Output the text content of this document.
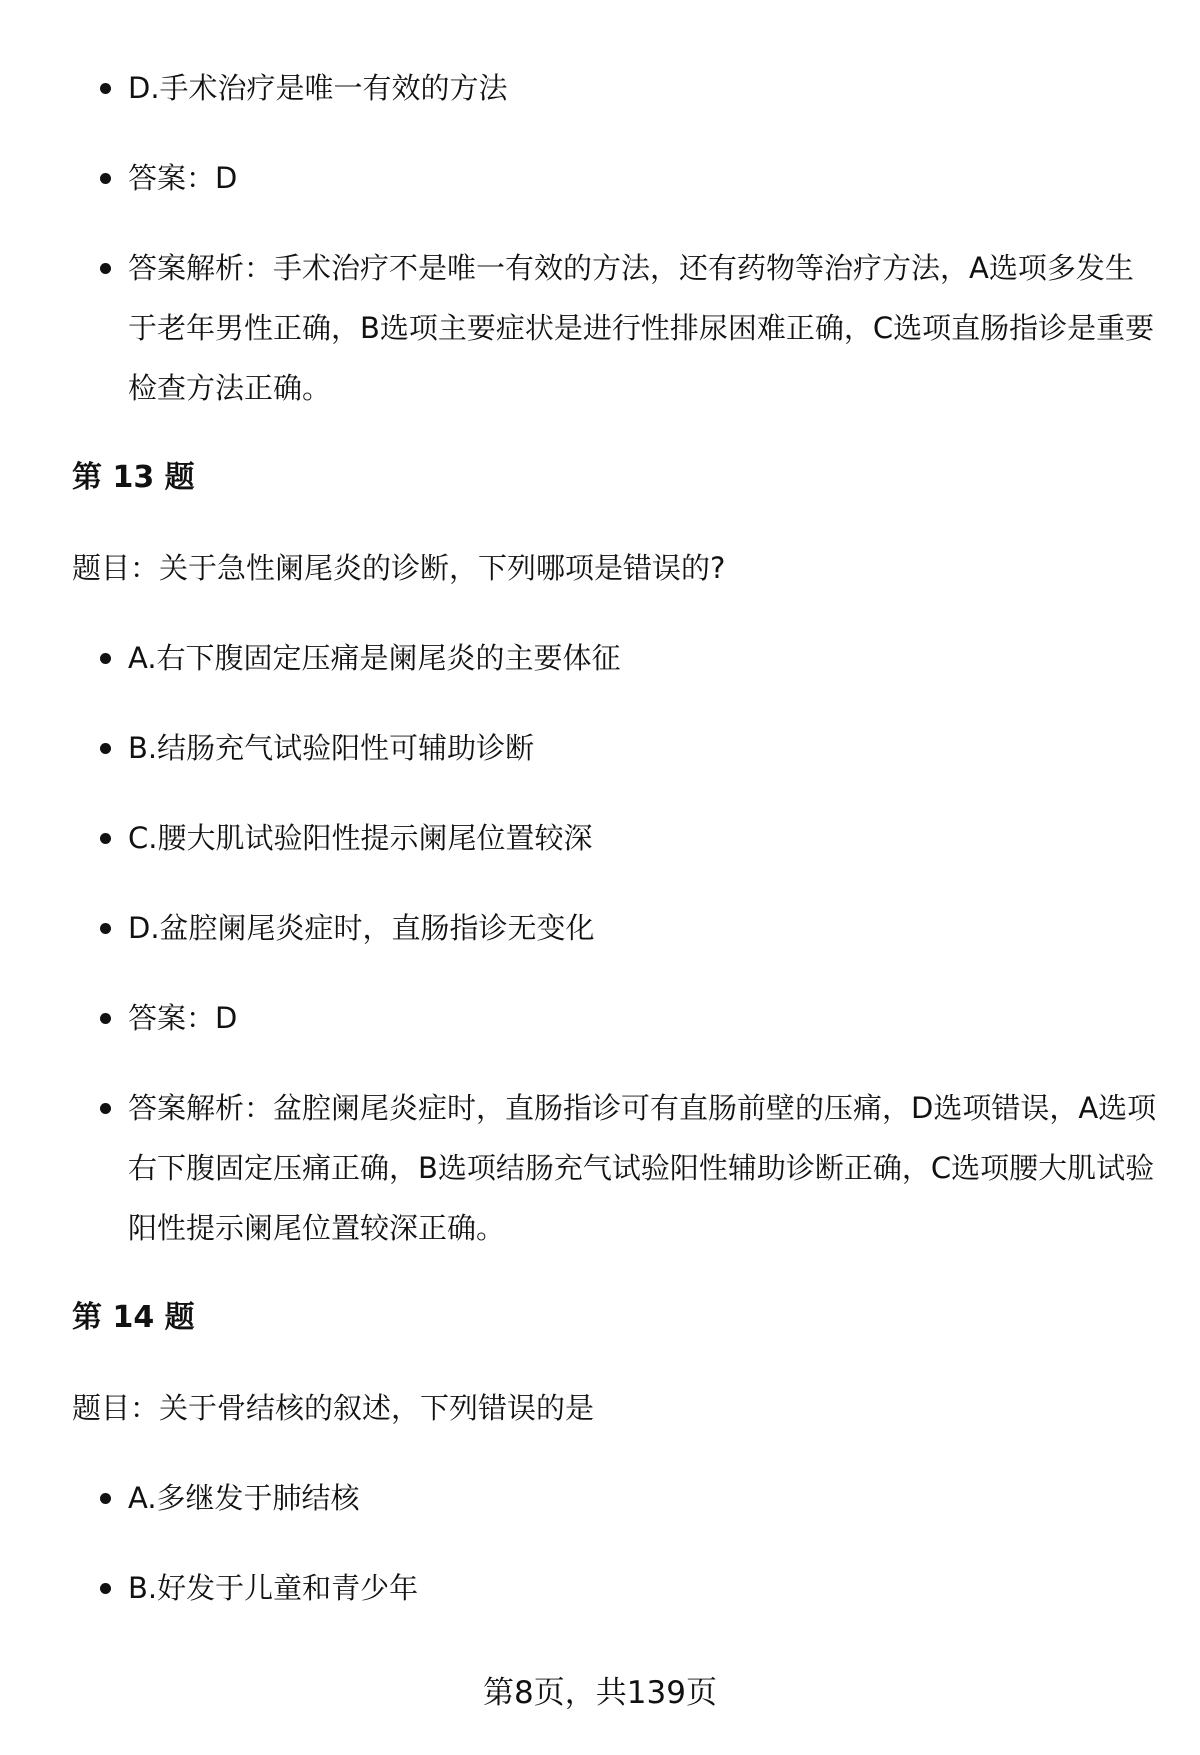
D.手术治疗是唯一有效的方法
答案：D
答案解析：手术治疗不是唯一有效的方法，还有药物等治疗方法，A选项多发生于老年男性正确，B选项主要症状是进行性排尿困难正确，C选项直肠指诊是重要检查方法正确。
第 13 题
题目：关于急性阑尾炎的诊断，下列哪项是错误的?
A.右下腹固定压痛是阑尾炎的主要体征
B.结肠充气试验阳性可辅助诊断
C.腰大肌试验阳性提示阑尾位置较深
D.盆腔阑尾炎症时，直肠指诊无变化
答案：D
答案解析：盆腔阑尾炎症时，直肠指诊可有直肠前壁的压痛，D选项错误，A选项右下腹固定压痛正确，B选项结肠充气试验阳性辅助诊断正确，C选项腰大肌试验阳性提示阑尾位置较深正确。
第 14 题
题目：关于骨结核的叙述，下列错误的是
A.多继发于肺结核
B.好发于儿童和青少年
第8页，共139页
